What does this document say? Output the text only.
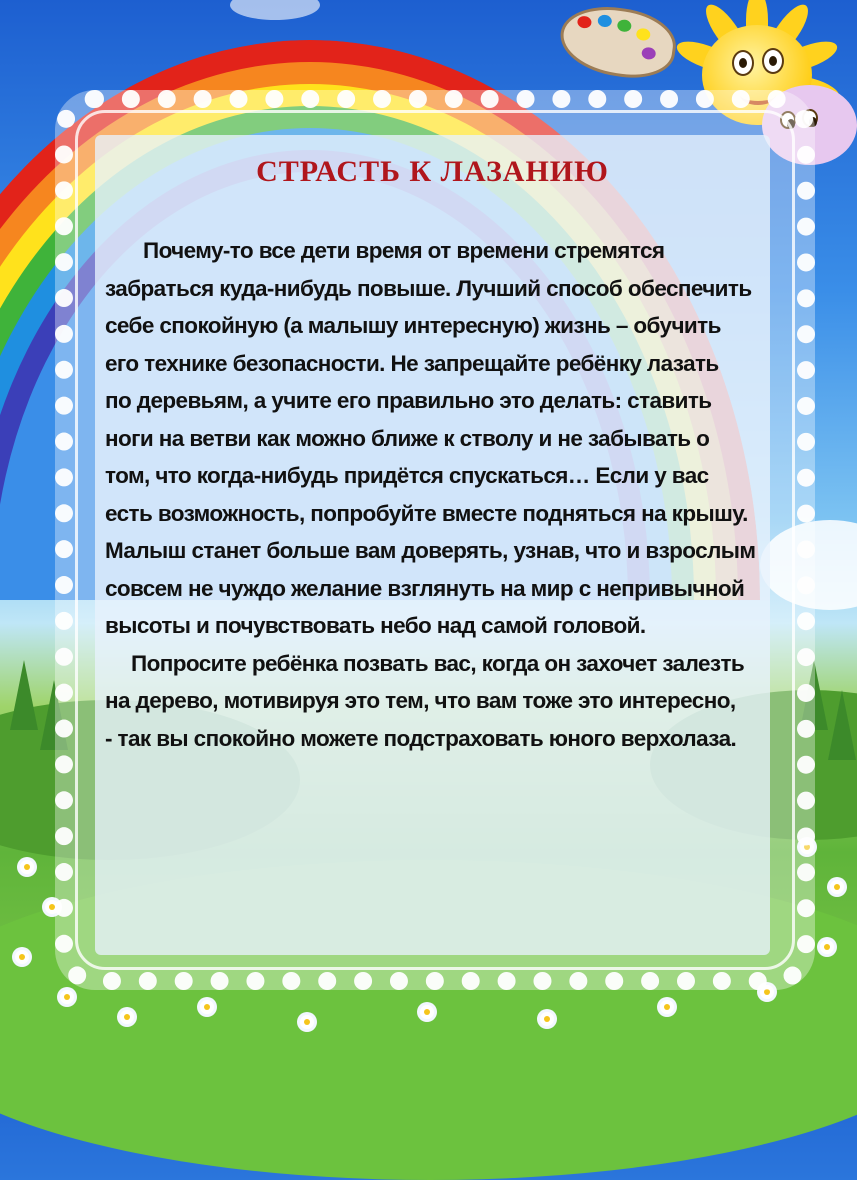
СТРАСТЬ К ЛАЗАНИЮ
Почему-то все дети время от времени стремятся
забраться куда-нибудь повыше. Лучший способ обеспечить
себе спокойную (а малышу интересную) жизнь – обучить
его технике безопасности. Не запрещайте ребёнку лазать
по деревьям, а учите его правильно это делать: ставить
ноги на ветви как можно ближе к стволу и не забывать о
том, что когда-нибудь придётся спускаться… Если у вас
есть возможность, попробуйте вместе подняться на крышу.
Малыш станет больше вам доверять, узнав, что и взрослым
совсем не чуждо желание взглянуть на мир с непривычной
высоты и почувствовать небо над самой головой.
Попросите ребёнка позвать вас, когда он захочет залезть
на дерево, мотивируя это тем, что вам тоже это интересно,
- так вы спокойно можете подстраховать юного верхолаза.
